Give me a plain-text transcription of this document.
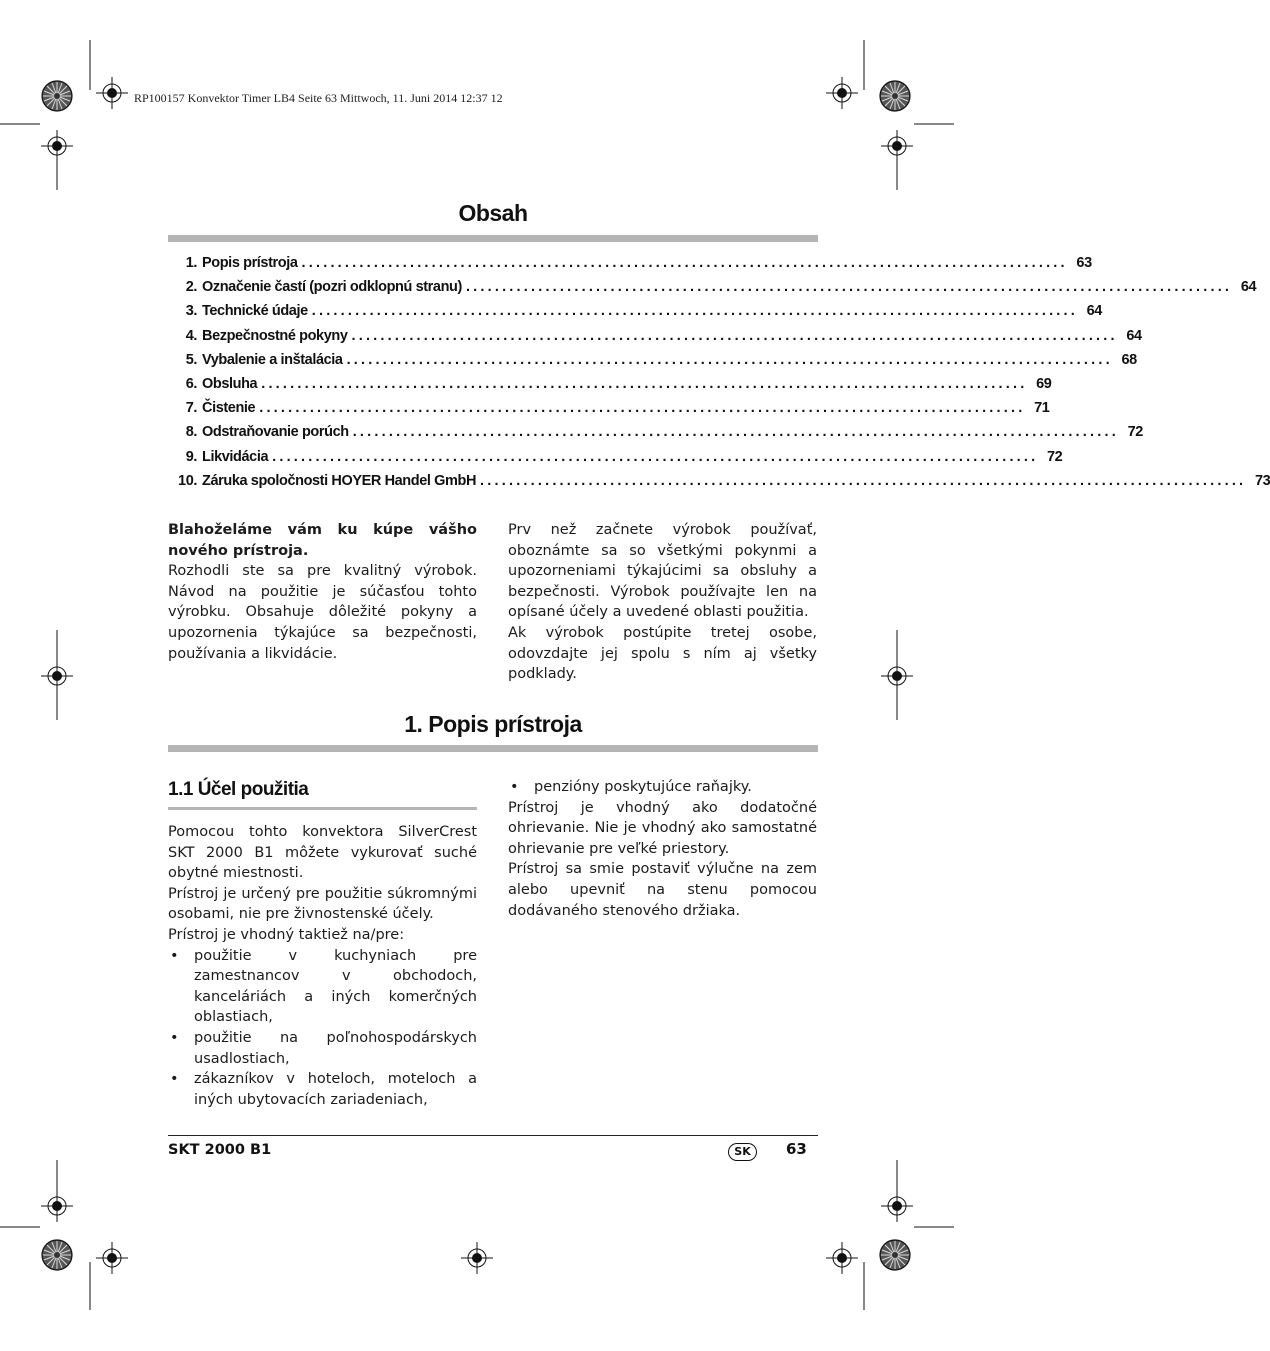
RP100157 Konvektor Timer LB4 Seite 63 Mittwoch, 11. Juni 2014 12:37 12
Obsah
1. Popis prístroja .......................................................................................................... 63
2. Označenie častí (pozri odklopnú stranu) .......................................................................................................... 64
3. Technické údaje .......................................................................................................... 64
4. Bezpečnostné pokyny .......................................................................................................... 64
5. Vybalenie a inštalácia .......................................................................................................... 68
6. Obsluha .......................................................................................................... 69
7. Čistenie .......................................................................................................... 71
8. Odstraňovanie porúch .......................................................................................................... 72
9. Likvidácia .......................................................................................................... 72
10. Záruka spoločnosti HOYER Handel GmbH .......................................................................................................... 73

Blahoželáme vám ku kúpe vášho nového prístroja.

Rozhodli ste sa pre kvalitný výrobok. Návod na použitie je súčasťou tohto výrobku. Obsahuje dôležité pokyny a upozornenia týkajúce sa bezpečnosti, používania a likvidácie.

Prv než začnete výrobok používať, oboznámte sa so všetkými pokynmi a upozorneniami týkajúcimi sa obsluhy a bezpečnosti. Výrobok používajte len na opísané účely a uvedené oblasti použitia.

Ak výrobok postúpite tretej osobe, odovzdajte jej spolu s ním aj všetky podklady.

1. Popis prístroja
1.1 Účel použitia

Pomocou tohto konvektora SilverCrest SKT 2000 B1 môžete vykurovať suché obytné miestnosti.

Prístroj je určený pre použitie súkromnými osobami, nie pre živnostenské účely.

Prístroj je vhodný taktiež na/pre:

• použitie v kuchyniach pre zamestnancov v obchodoch, kanceláriách a iných komerčných oblastiach,
• použitie na poľnohospodárskych usadlostiach,
• zákazníkov v hoteloch, moteloch a iných ubytovacích zariadeniach,
• penzióny poskytujúce raňajky.

Prístroj je vhodný ako dodatočné ohrievanie. Nie je vhodný ako samostatné ohrievanie pre veľké priestory.

Prístroj sa smie postaviť výlučne na zem alebo upevniť na stenu pomocou dodávaného stenového držiaka.

SKT 2000 B1	SK	63
